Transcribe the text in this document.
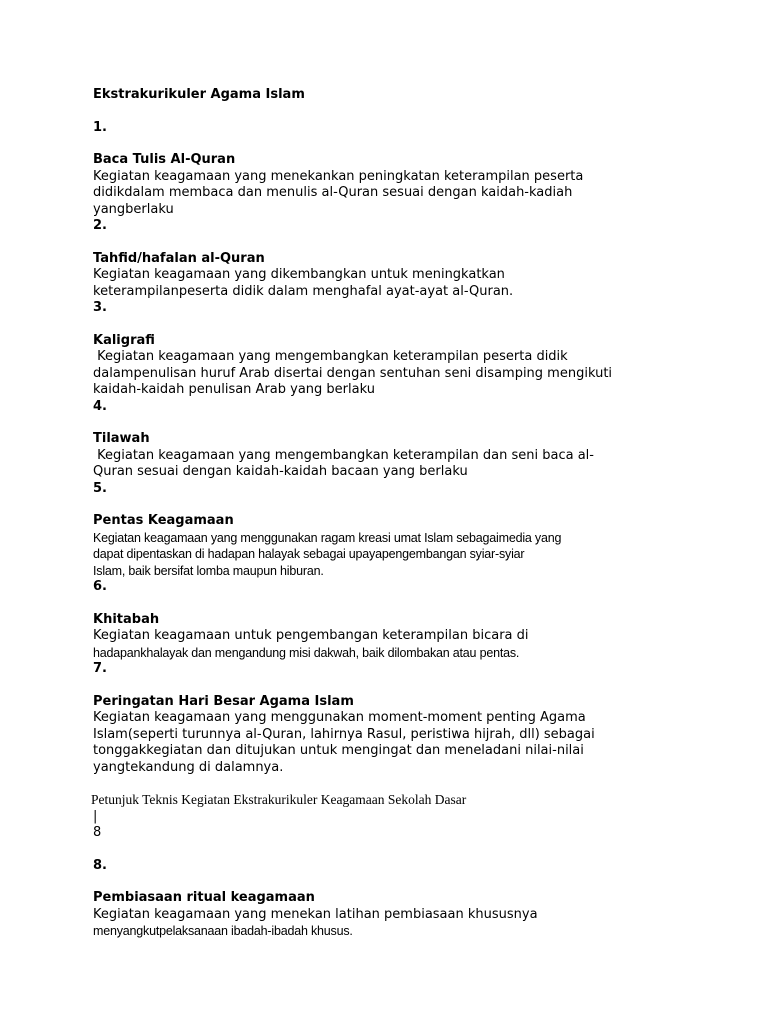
Ekstrakurikuler Agama Islam

1.

Baca Tulis Al-Quran

Kegiatan keagamaan yang menekankan peningkatan keterampilan peserta

didikdalam membaca dan menulis al-Quran sesuai dengan kaidah-kadiah

yangberlaku

2.

Tahfid/hafalan al-Quran

Kegiatan keagamaan yang dikembangkan untuk meningkatkan

keterampilanpeserta didik dalam menghafal ayat-ayat al-Quran.

3.

Kaligrafi

Kegiatan keagamaan yang mengembangkan keterampilan peserta didik

dalampenulisan huruf Arab disertai dengan sentuhan seni disamping mengikuti

kaidah-kaidah penulisan Arab yang berlaku

4.

Tilawah

Kegiatan keagamaan yang mengembangkan keterampilan dan seni baca al-

Quran sesuai dengan kaidah-kaidah bacaan yang berlaku

5.

Pentas Keagamaan

Kegiatan keagamaan yang menggunakan ragam kreasi umat Islam sebagaimedia yang

dapat dipentaskan di hadapan halayak sebagai upayapengembangan syiar-syiar

Islam, baik bersifat lomba maupun hiburan.

6.

Khitabah

Kegiatan keagamaan untuk pengembangan keterampilan bicara di

hadapankhalayak dan mengandung misi dakwah, baik dilombakan atau pentas.

7.

Peringatan Hari Besar Agama Islam

Kegiatan keagamaan yang menggunakan moment-moment penting Agama

Islam(seperti turunnya al-Quran, lahirnya Rasul, peristiwa hijrah, dll) sebagai

tonggakkegiatan dan ditujukan untuk mengingat dan meneladani nilai-nilai

yangtekandung di dalamnya.

Petunjuk Teknis Kegiatan Ekstrakurikuler Keagamaan Sekolah Dasar

|

8

8.

Pembiasaan ritual keagamaan

Kegiatan keagamaan yang menekan latihan pembiasaan khususnya

menyangkutpelaksanaan ibadah-ibadah khusus.
